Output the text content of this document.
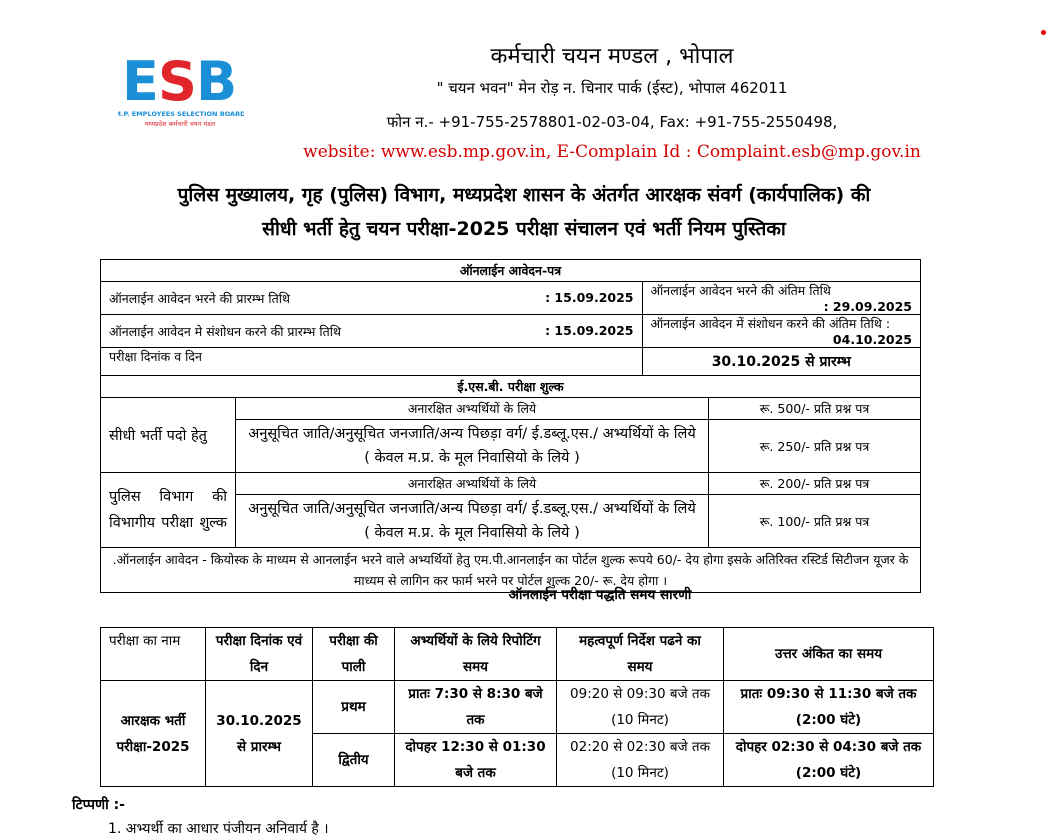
E S B
M.P. EMPLOYEES SELECTION BOARD
मध्यप्रदेश कर्मचारी चयन मंडल
कर्मचारी चयन मण्डल , भोपाल
" चयन भवन" मेन रोड़ न. चिनार पार्क (ईस्ट), भोपाल 462011
फोन न.- +91-755-2578801-02-03-04, Fax: +91-755-2550498,
website: www.esb.mp.gov.in, E-Complain Id : Complaint.esb@mp.gov.in
पुलिस मुख्यालय, गृह (पुलिस) विभाग, मध्यप्रदेश शासन के अंतर्गत आरक्षक संवर्ग (कार्यपालिक) की
सीधी भर्ती हेतु चयन परीक्षा-2025 परीक्षा संचालन एवं भर्ती नियम पुस्तिका
ऑनलाईन आवेदन-पत्र			
ऑनलाईन आवेदन भरने की प्रारम्भ तिथि : 15.09.2025		ऑनलाईन आवेदन भरने की अंतिम तिथि
: 29.09.2025	

ऑनलाईन आवेदन मे संशोधन करने की प्रारम्भ तिथि : 15.09.2025		ऑनलाईन आवेदन में संशोधन करने की अंतिम तिथि :
04.10.2025	

परीक्षा दिनांक व दिन		30.10.2025 से प्रारम्भ	
ई.एस.बी. परीक्षा शुल्क			
सीधी भर्ती पदो हेतु	अनारक्षित अभ्यर्थियों के लिये		रू. 500/- प्रति प्रश्न पत्र
	अनुसूचित जाति/अनुसूचित जनजाति/अन्य पिछड़ा वर्ग/ ई.डब्लू.एस./ अभ्यर्थियों के लिये ( केवल म.प्र. के मूल निवासियो के लिये )		रू. 250/- प्रति प्रश्न पत्र
पुलिस विभाग की विभागीय परीक्षा शुल्क	अनारक्षित अभ्यर्थियों के लिये		रू. 200/- प्रति प्रश्न पत्र
	अनुसूचित जाति/अनुसूचित जनजाति/अन्य पिछड़ा वर्ग/ ई.डब्लू.एस./ अभ्यर्थियों के लिये ( केवल म.प्र. के मूल निवासियो के लिये )		रू. 100/- प्रति प्रश्न पत्र
.ऑनलाईन आवेदन - कियोस्क के माध्यम से आनलाईन भरने वाले अभ्यर्थियों हेतु एम.पी.आनलाईन का पोर्टल शुल्क रूपये 60/- देय होगा इसके अतिरिक्त रस्टिर्ड सिटीजन यूजर के माध्यम से लागिन कर फार्म भरने पर पोर्टल शुल्क 20/- रू. देय होगा ।			
ऑनलाईन परीक्षा पद्धति समय सारणी
परीक्षा का नाम	परीक्षा दिनांक एवं दिन	परीक्षा की पाली	अभ्यर्थियों के लिये रिपोटिंग समय	महत्वपूर्ण निर्देश पढने का समय	उत्तर अंकित का समय
आरक्षक भर्ती परीक्षा-2025	30.10.2025 से प्रारम्भ	प्रथम	प्रातः 7:30 से 8:30 बजे तक	09:20 से 09:30 बजे तक (10 मिनट)	प्रातः 09:30 से 11:30 बजे तक (2:00 घंटे)
		द्वितीय	दोपहर 12:30 से 01:30 बजे तक	02:20 से 02:30 बजे तक (10 मिनट)	दोपहर 02:30 से 04:30 बजे तक (2:00 घंटे)
टिप्पणी :-
1. अभ्यर्थी का आधार पंजीयन अनिवार्य है ।
